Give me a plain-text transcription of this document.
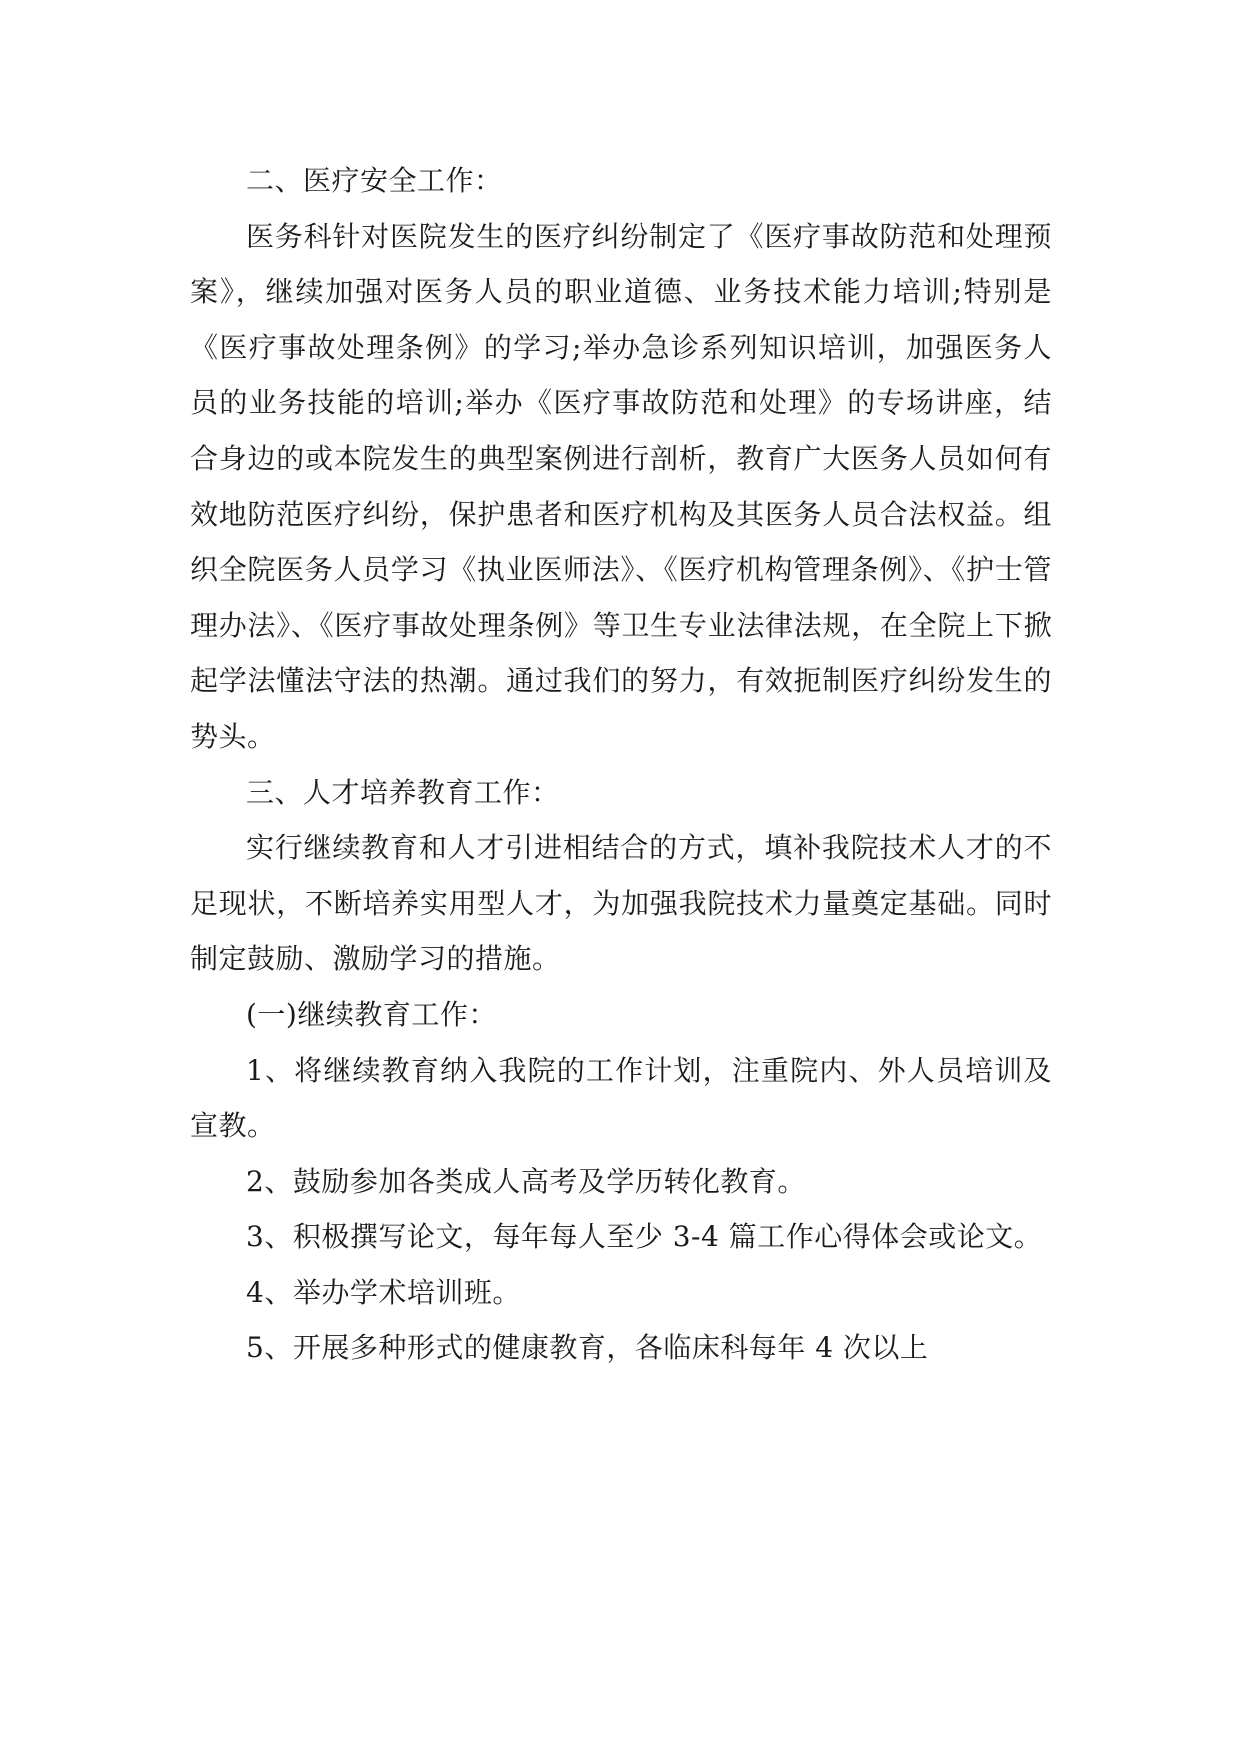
二、医疗安全工作：

医务科针对医院发生的医疗纠纷制定了《医疗事故防范和处理预案》，继续加强对医务人员的职业道德、业务技术能力培训;特别是《医疗事故处理条例》的学习;举办急诊系列知识培训，加强医务人员的业务技能的培训;举办《医疗事故防范和处理》的专场讲座，结合身边的或本院发生的典型案例进行剖析，教育广大医务人员如何有效地防范医疗纠纷，保护患者和医疗机构及其医务人员合法权益。组织全院医务人员学习《执业医师法》、《医疗机构管理条例》、《护士管理办法》、《医疗事故处理条例》等卫生专业法律法规，在全院上下掀起学法懂法守法的热潮。通过我们的努力，有效扼制医疗纠纷发生的势头。

三、人才培养教育工作：

实行继续教育和人才引进相结合的方式，填补我院技术人才的不足现状，不断培养实用型人才，为加强我院技术力量奠定基础。同时制定鼓励、激励学习的措施。

(一)继续教育工作：

1、将继续教育纳入我院的工作计划，注重院内、外人员培训及宣教。

2、鼓励参加各类成人高考及学历转化教育。

3、积极撰写论文，每年每人至少 3-4 篇工作心得体会或论文。

4、举办学术培训班。

5、开展多种形式的健康教育，各临床科每年 4 次以上
